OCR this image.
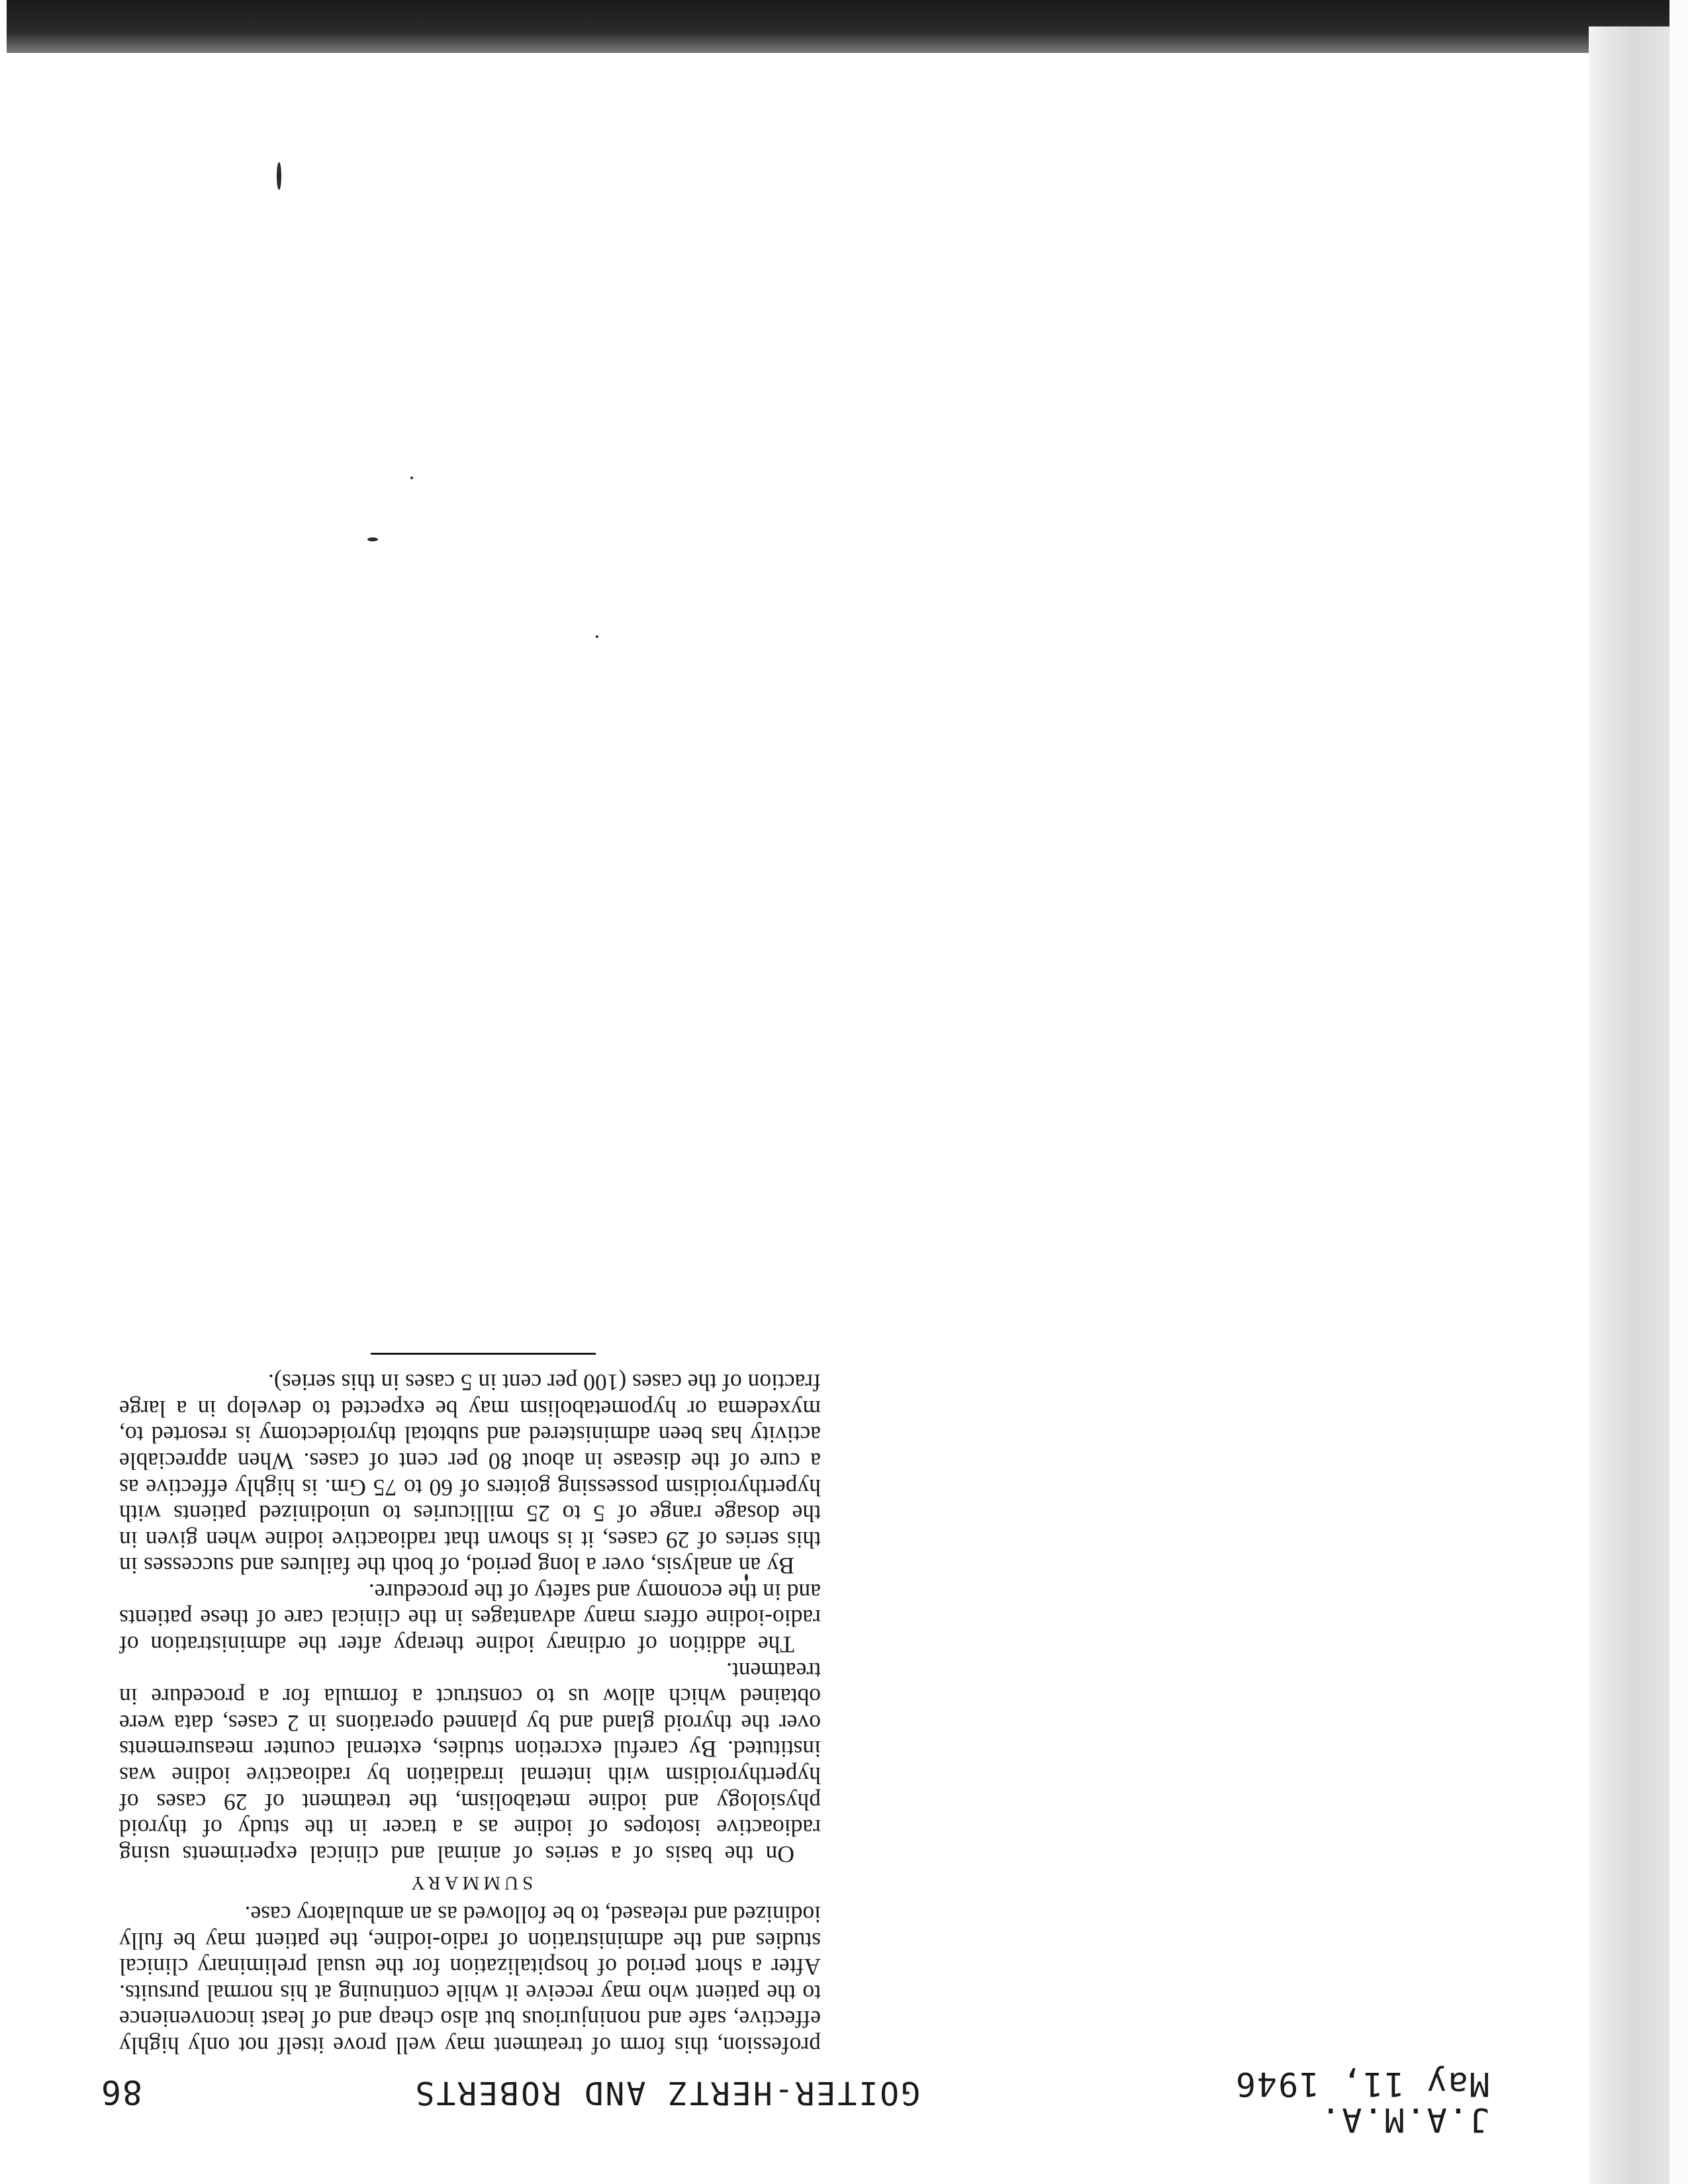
J.A.M.A.
May 11, 1946
GOITER-HERTZ AND ROBERTS
86

profession, this form of treatment may well prove itself not only highly effective, safe and noninjurious but also cheap and of least inconvenience to the patient who may receive it while continuing at his normal pursuits. After a short period of hospitalization for the usual preliminary clinical studies and the administration of radio-iodine, the patient may be fully iodinized and released, to be followed as an ambulatory case.

SUMMARY

On the basis of a series of animal and clinical experiments using radioactive isotopes of iodine as a tracer in the study of thyroid physiology and iodine metabolism, the treatment of 29 cases of hyperthyroidism with internal irradiation by radioactive iodine was instituted. By careful excretion studies, external counter measurements over the thyroid gland and by planned operations in 2 cases, data were obtained which allow us to construct a formula for a procedure in treatment.

The addition of ordinary iodine therapy after the administration of radio-iodine offers many advantages in the clinical care of these patients and in the economy and safety of the procedure.

By an analysis, over a long period, of both the failures and successes in this series of 29 cases, it is shown that radioactive iodine when given in the dosage range of 5 to 25 millicuries to uniodinized patients with hyperthyroidism possessing goiters of 60 to 75 Gm. is highly effective as a cure of the disease in about 80 per cent of cases. When appreciable activity has been administered and subtotal thyroidectomy is resorted to, myxedema or hypometabolism may be expected to develop in a large fraction of the cases (100 per cent in 5 cases in this series).
